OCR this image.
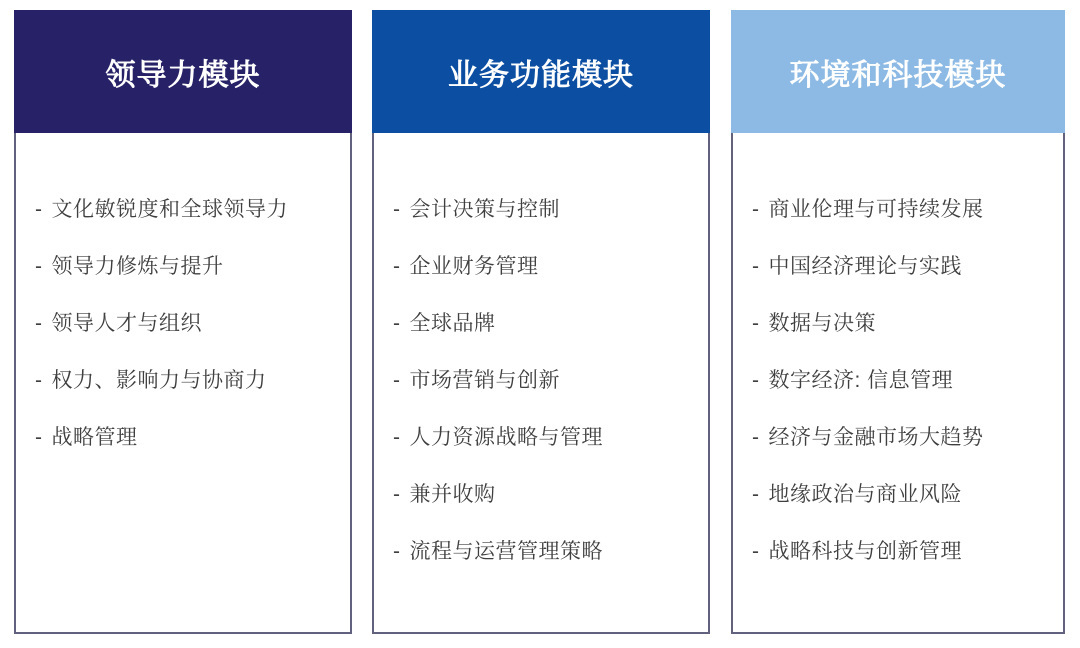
领导力模块
- 文化敏锐度和全球领导力
- 领导力修炼与提升
- 领导人才与组织
- 权力、影响力与协商力
- 战略管理
业务功能模块
- 会计决策与控制
- 企业财务管理
- 全球品牌
- 市场营销与创新
- 人力资源战略与管理
- 兼并收购
- 流程与运营管理策略
环境和科技模块
- 商业伦理与可持续发展
- 中国经济理论与实践
- 数据与决策
- 数字经济: 信息管理
- 经济与金融市场大趋势
- 地缘政治与商业风险
- 战略科技与创新管理
